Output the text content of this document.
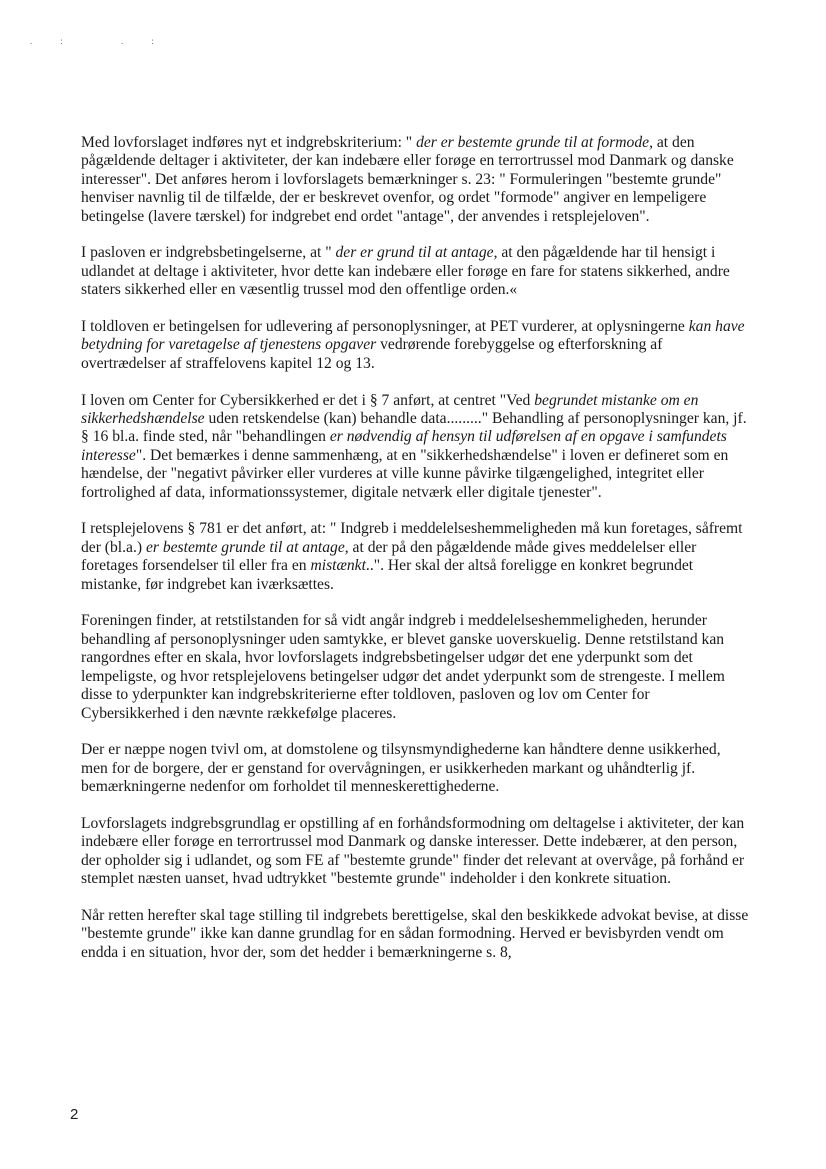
.: .:

Med lovforslaget indføres nyt et indgrebskriterium: " der er bestemte grunde til at formode, at den pågældende deltager i aktiviteter, der kan indebære eller forøge en terrortrussel mod Danmark og danske interesser". Det anføres herom i lovforslagets bemærkninger s. 23: " Formuleringen "bestemte grunde" henviser navnlig til de tilfælde, der er beskrevet ovenfor, og ordet "formode" angiver en lempeligere betingelse (lavere tærskel) for indgrebet end ordet "antage", der anvendes i retsplejeloven".

I pasloven er indgrebsbetingelserne, at " der er grund til at antage, at den pågældende har til hensigt i udlandet at deltage i aktiviteter, hvor dette kan indebære eller forøge en fare for statens sikkerhed, andre staters sikkerhed eller en væsentlig trussel mod den offentlige orden.«

I toldloven er betingelsen for udlevering af personoplysninger, at PET vurderer, at oplysningerne kan have betydning for varetagelse af tjenestens opgaver vedrørende forebyggelse og efterforskning af overtrædelser af straffelovens kapitel 12 og 13.

I loven om Center for Cybersikkerhed er det i § 7 anført, at centret "Ved begrundet mistanke om en sikkerhedshændelse uden retskendelse (kan) behandle data........." Behandling af personoplysninger kan, jf. § 16 bl.a. finde sted, når "behandlingen er nødvendig af hensyn til udførelsen af en opgave i samfundets interesse". Det bemærkes i denne sammenhæng, at en "sikkerhedshændelse" i loven er defineret som en hændelse, der "negativt påvirker eller vurderes at ville kunne påvirke tilgængelighed, integritet eller fortrolighed af data, informationssystemer, digitale netværk eller digitale tjenester".

I retsplejelovens § 781 er det anført, at: " Indgreb i meddelelseshemmeligheden må kun foretages, såfremt der (bl.a.) er bestemte grunde til at antage, at der på den pågældende måde gives meddelelser eller foretages forsendelser til eller fra en mistænkt..". Her skal der altså foreligge en konkret begrundet mistanke, før indgrebet kan iværksættes.

Foreningen finder, at retstilstanden for så vidt angår indgreb i meddelelseshemmeligheden, herunder behandling af personoplysninger uden samtykke, er blevet ganske uoverskuelig. Denne retstilstand kan rangordnes efter en skala, hvor lovforslagets indgrebsbetingelser udgør det ene yderpunkt som det lempeligste, og hvor retsplejelovens betingelser udgør det andet yderpunkt som de strengeste. I mellem disse to yderpunkter kan indgrebskriterierne efter toldloven, pasloven og lov om Center for Cybersikkerhed i den nævnte rækkefølge placeres.

Der er næppe nogen tvivl om, at domstolene og tilsynsmyndighederne kan håndtere denne usikkerhed, men for de borgere, der er genstand for overvågningen, er usikkerheden markant og uhåndterlig jf. bemærkningerne nedenfor om forholdet til menneskerettighederne.

Lovforslagets indgrebsgrundlag er opstilling af en forhåndsformodning om deltagelse i aktiviteter, der kan indebære eller forøge en terrortrussel mod Danmark og danske interesser. Dette indebærer, at den person, der opholder sig i udlandet, og som FE af "bestemte grunde" finder det relevant at overvåge, på forhånd er stemplet næsten uanset, hvad udtrykket "bestemte grunde" indeholder i den konkrete situation.

Når retten herefter skal tage stilling til indgrebets berettigelse, skal den beskikkede advokat bevise, at disse "bestemte grunde" ikke kan danne grundlag for en sådan formodning. Herved er bevisbyrden vendt om endda i en situation, hvor der, som det hedder i bemærkningerne s. 8,

2
